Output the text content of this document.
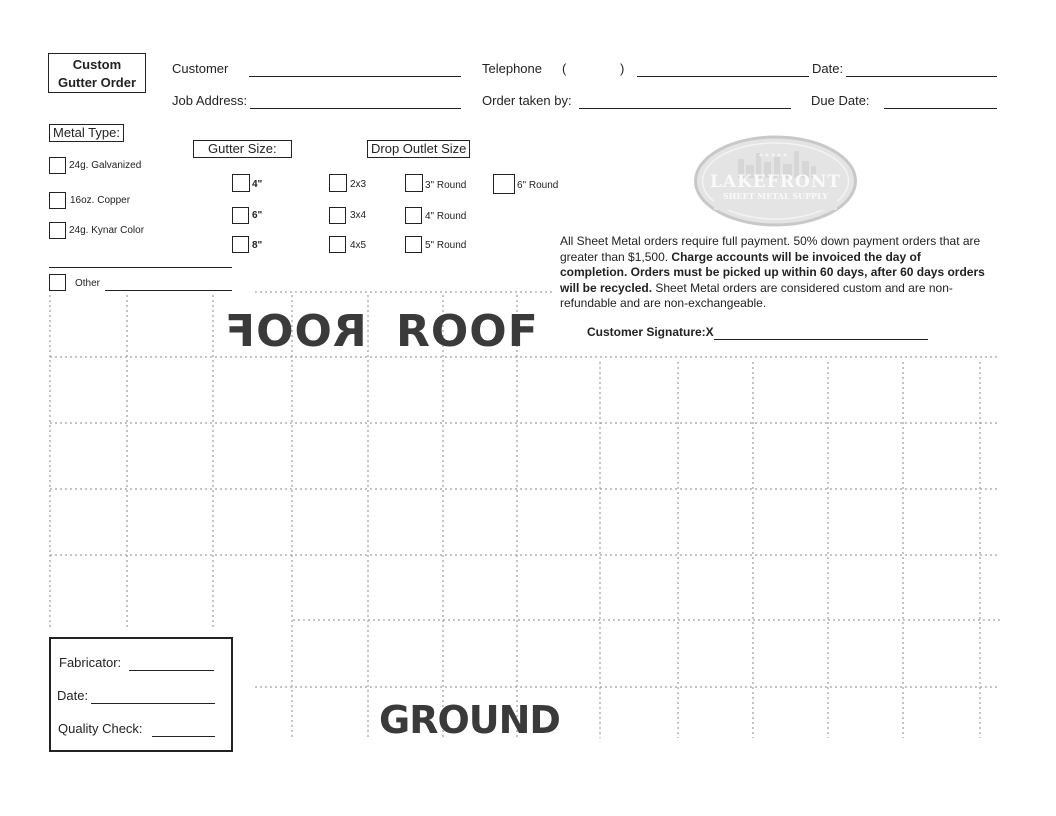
Custom
Gutter Order
Customer	Telephone (	)	Date:
Job Address:	Order taken by:	Due Date:
Metal Type:
24g. Galvanized
16oz. Copper
24g. Kynar Color
Other
Gutter Size:
4"
6"
8"
Drop Outlet Size
2x3
3x4
4x5
3" Round
4" Round
5" Round
6" Round	LAKEFRONT
SHEET METAL SUPPLY
All Sheet Metal orders require full payment. 50% down payment orders that are greater than $1,500. Charge accounts will be invoiced the day of completion. Orders must be picked up within 60 days, after 60 days orders will be recycled. Sheet Metal orders are considered custom and are non-refundable and are non-exchangeable.
Customer Signature:X
ROOF ROOF
GROUND
Fabricator:
Date:
Quality Check:
